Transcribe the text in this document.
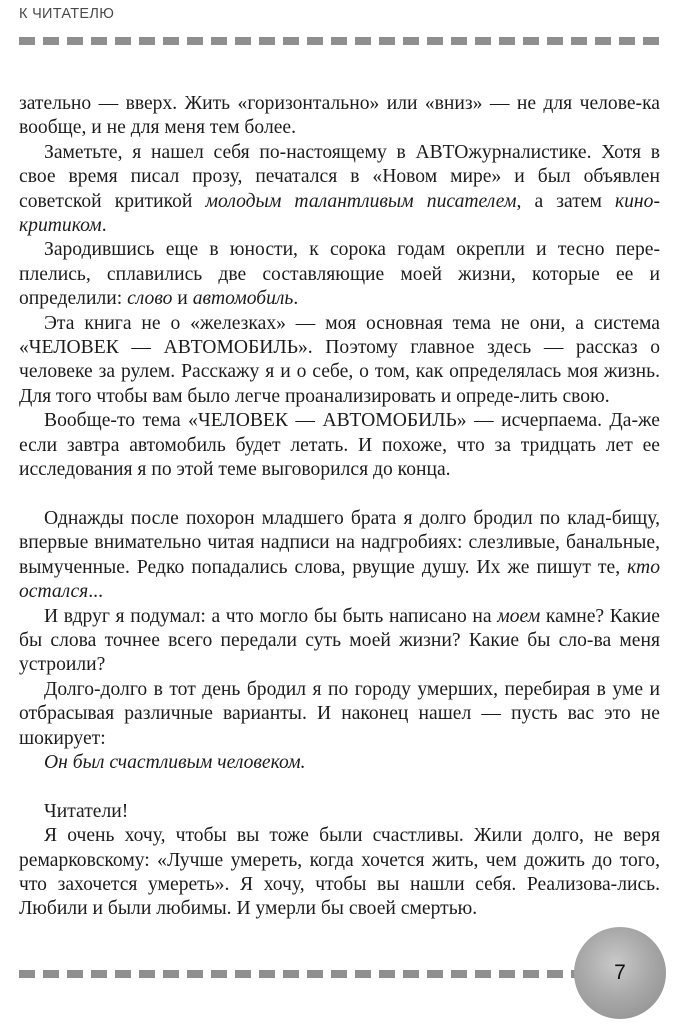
К ЧИТАТЕЛЮ

зательно — вверх. Жить «горизонтально» или «вниз» — не для челове-ка вообще, и не для меня тем более.

Заметьте, я нашел себя по-настоящему в АВТОжурналистике. Хотя в свое время писал прозу, печатался в «Новом мире» и был объявлен советской критикой молодым талантливым писателем, а затем кино-критиком.

Зародившись еще в юности, к сорока годам окрепли и тесно пере-плелись, сплавились две составляющие моей жизни, которые ее и определили: слово и автомобиль.

Эта книга не о «железках» — моя основная тема не они, а система «ЧЕЛОВЕК — АВТОМОБИЛЬ». Поэтому главное здесь — рассказ о человеке за рулем. Расскажу я и о себе, о том, как определялась моя жизнь. Для того чтобы вам было легче проанализировать и опреде-лить свою.

Вообще-то тема «ЧЕЛОВЕК — АВТОМОБИЛЬ» — исчерпаема. Да-же если завтра автомобиль будет летать. И похоже, что за тридцать лет ее исследования я по этой теме выговорился до конца.

Однажды после похорон младшего брата я долго бродил по клад-бищу, впервые внимательно читая надписи на надгробиях: слезливые, банальные, вымученные. Редко попадались слова, рвущие душу. Их же пишут те, кто остался...

И вдруг я подумал: а что могло бы быть написано на моем камне? Какие бы слова точнее всего передали суть моей жизни? Какие бы сло-ва меня устроили?

Долго-долго в тот день бродил я по городу умерших, перебирая в уме и отбрасывая различные варианты. И наконец нашел — пусть вас это не шокирует:

Он был счастливым человеком.

Читатели!

Я очень хочу, чтобы вы тоже были счастливы. Жили долго, не веря ремарковскому: «Лучше умереть, когда хочется жить, чем дожить до того, что захочется умереть». Я хочу, чтобы вы нашли себя. Реализова-лись. Любили и были любимы. И умерли бы своей смертью.

7
